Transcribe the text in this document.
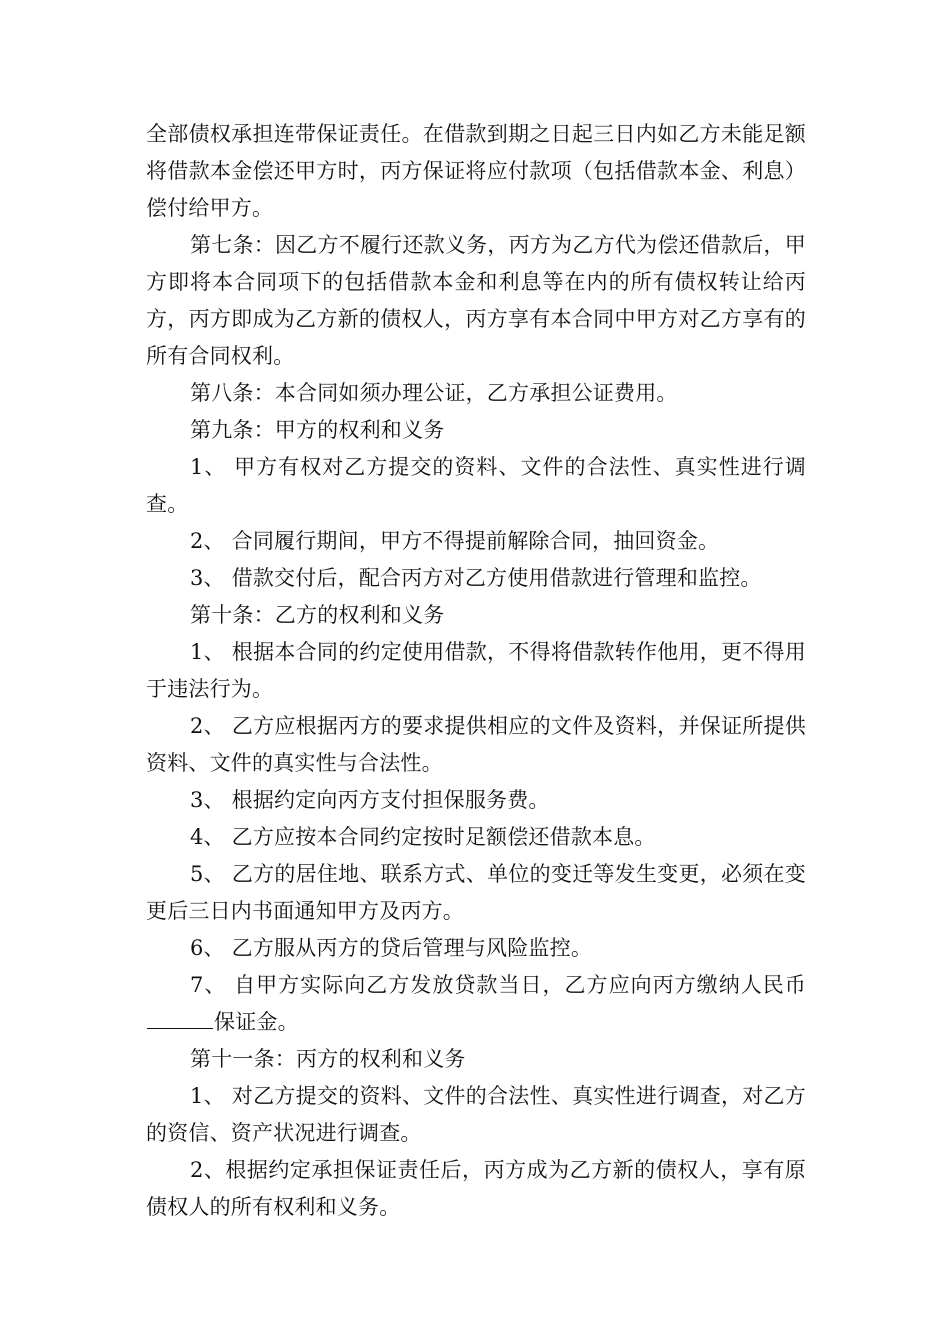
全部债权承担连带保证责任。在借款到期之日起三日内如乙方未能足额将借款本金偿还甲方时，丙方保证将应付款项（包括借款本金、利息）偿付给甲方。

第七条：因乙方不履行还款义务，丙方为乙方代为偿还借款后，甲方即将本合同项下的包括借款本金和利息等在内的所有债权转让给丙方，丙方即成为乙方新的债权人，丙方享有本合同中甲方对乙方享有的所有合同权利。

第八条：本合同如须办理公证，乙方承担公证费用。

第九条：甲方的权利和义务

1、 甲方有权对乙方提交的资料、文件的合法性、真实性进行调查。

2、 合同履行期间，甲方不得提前解除合同，抽回资金。

3、 借款交付后，配合丙方对乙方使用借款进行管理和监控。

第十条：乙方的权利和义务

1、 根据本合同的约定使用借款，不得将借款转作他用，更不得用于违法行为。

2、 乙方应根据丙方的要求提供相应的文件及资料，并保证所提供资料、文件的真实性与合法性。

3、 根据约定向丙方支付担保服务费。

4、 乙方应按本合同约定按时足额偿还借款本息。

5、 乙方的居住地、联系方式、单位的变迁等发生变更，必须在变更后三日内书面通知甲方及丙方。

6、 乙方服从丙方的贷后管理与风险监控。

7、 自甲方实际向乙方发放贷款当日，乙方应向丙方缴纳人民币保证金。

第十一条：丙方的权利和义务

1、 对乙方提交的资料、文件的合法性、真实性进行调查，对乙方的资信、资产状况进行调查。

2、根据约定承担保证责任后，丙方成为乙方新的债权人，享有原债权人的所有权利和义务。
